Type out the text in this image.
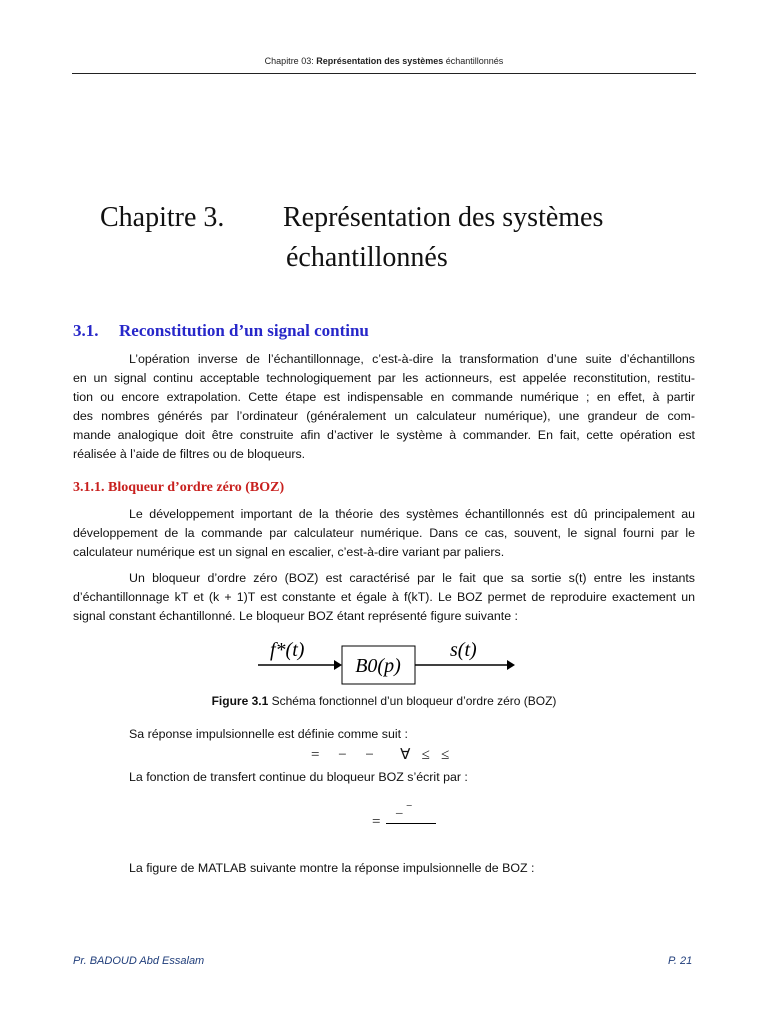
Chapitre 03: Représentation des systèmes échantillonnés
Chapitre 3. Représentation des systèmes
échantillonnés
3.1. Reconstitution d’un signal continu
L’opération inverse de l’échantillonnage, c’est-à-dire la transformation d’une suite d’échantillons
en un signal continu acceptable technologiquement par les actionneurs, est appelée reconstitution, restitu-
tion ou encore extrapolation. Cette étape est indispensable en commande numérique ; en effet, à partir
des nombres générés par l’ordinateur (généralement un calculateur numérique), une grandeur de com-
mande analogique doit être construite afin d’activer le système à commander. En fait, cette opération est
réalisée à l’aide de filtres ou de bloqueurs.
3.1.1. Bloqueur d’ordre zéro (BOZ)
Le développement important de la théorie des systèmes échantillonnés est dû principalement au
développement de la commande par calculateur numérique. Dans ce cas, souvent, le signal fourni par le
calculateur numérique est un signal en escalier, c’est-à-dire variant par paliers.
Un bloqueur d’ordre zéro (BOZ) est caractérisé par le fait que sa sortie s(t) entre les instants
d’échantillonnage kT et (k + 1)T est constante et égale à f(kT). Le BOZ permet de reproduire exactement un
signal constant échantillonné. Le bloqueur BOZ étant représenté figure suivante :
f*(t)
B0(p)
s(t)
Figure 3.1 Schéma fonctionnel d’un bloqueur d’ordre zéro (BOZ)
Sa réponse impulsionnelle est définie comme suit :
=     −     −       ∀   ≤   ≤
La fonction de transfert continue du bloqueur BOZ s’écrit par :
_ ⁻
=
La figure de MATLAB suivante montre la réponse impulsionnelle de BOZ :
Pr. BADOUD Abd Essalam	P. 21
